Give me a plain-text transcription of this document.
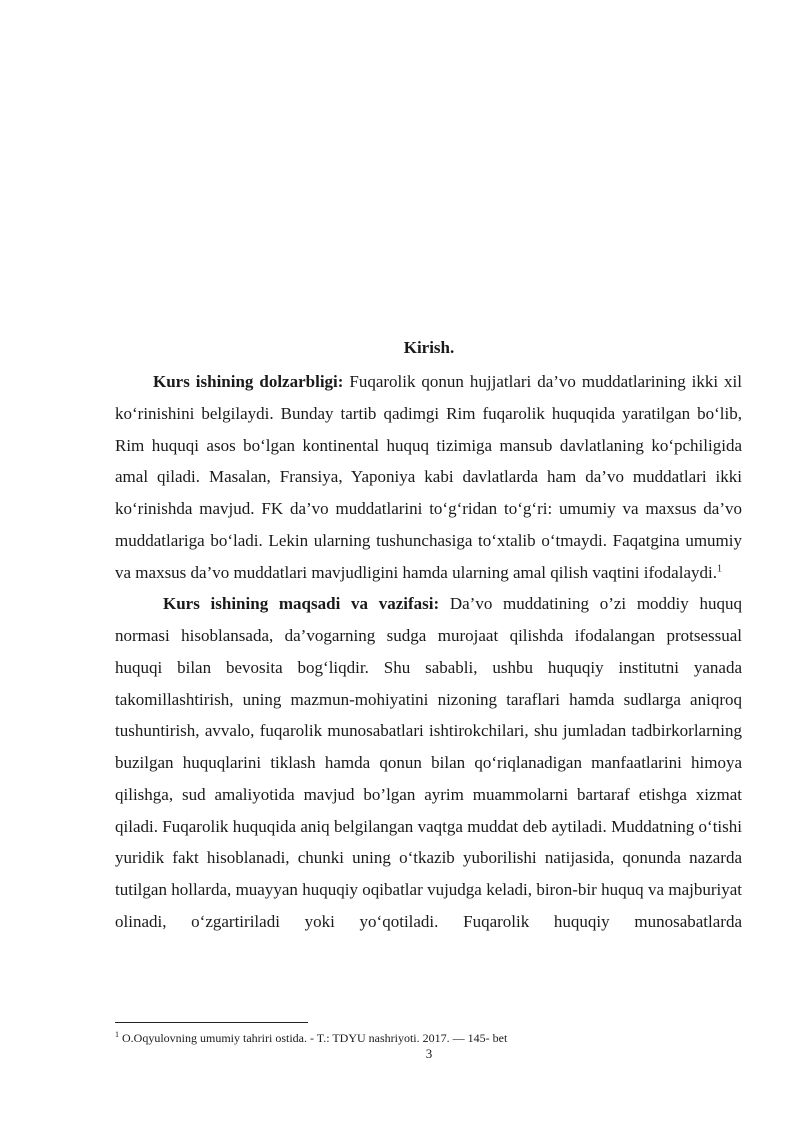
Kirish.

Kurs ishining dolzarbligi: Fuqarolik qonun hujjatlari da’vo muddatlarining ikki xil ko‘rinishini belgilaydi. Bunday tartib qadimgi Rim fuqarolik huquqida yaratilgan bo‘lib, Rim huquqi asos bo‘lgan kontinental huquq tizimiga mansub davlatlaning ko‘pchiligida amal qiladi. Masalan, Fransiya, Yaponiya kabi davlatlarda ham da’vo muddatlari ikki ko‘rinishda mavjud. FK da’vo muddatlarini to‘g‘ridan to‘g‘ri: umumiy va maxsus da’vo muddatlariga bo‘ladi. Lekin ularning tushunchasiga to‘xtalib o‘tmaydi. Faqatgina umumiy va maxsus da’vo muddatlari mavjudligini hamda ularning amal qilish vaqtini ifodalaydi.$^1$

Kurs ishining maqsadi va vazifasi: Da’vo muddatining o’zi moddiy huquq normasi hisoblansada, da’vogarning sudga murojaat qilishda ifodalangan protsessual huquqi bilan bevosita bog‘liqdir. Shu sababli, ushbu huquqiy institutni yanada takomillashtirish, uning mazmun-mohiyatini nizoning taraflari hamda sudlarga aniqroq tushuntirish, avvalo, fuqarolik munosabatlari ishtirokchilari, shu jumladan tadbirkorlarning buzilgan huquqlarini tiklash hamda qonun bilan qo‘riqlanadigan manfaatlarini himoya qilishga, sud amaliyotida mavjud bo’lgan ayrim muammolarni bartaraf etishga xizmat qiladi. Fuqarolik huquqida aniq belgilangan vaqtga muddat deb aytiladi. Muddatning o‘tishi yuridik fakt hisoblanadi, chunki uning o‘tkazib yuborilishi natijasida, qonunda nazarda tutilgan hollarda, muayyan huquqiy oqibatlar vujudga keladi, biron-bir huquq va majburiyat olinadi, o‘zgartiriladi yoki yo‘qotiladi. Fuqarolik huquqiy munosabatlarda

$^1$ O.Oqyulovning umumiy tahriri ostida. - T.: TDYU nashriyoti. 2017. — 145- bet
3
